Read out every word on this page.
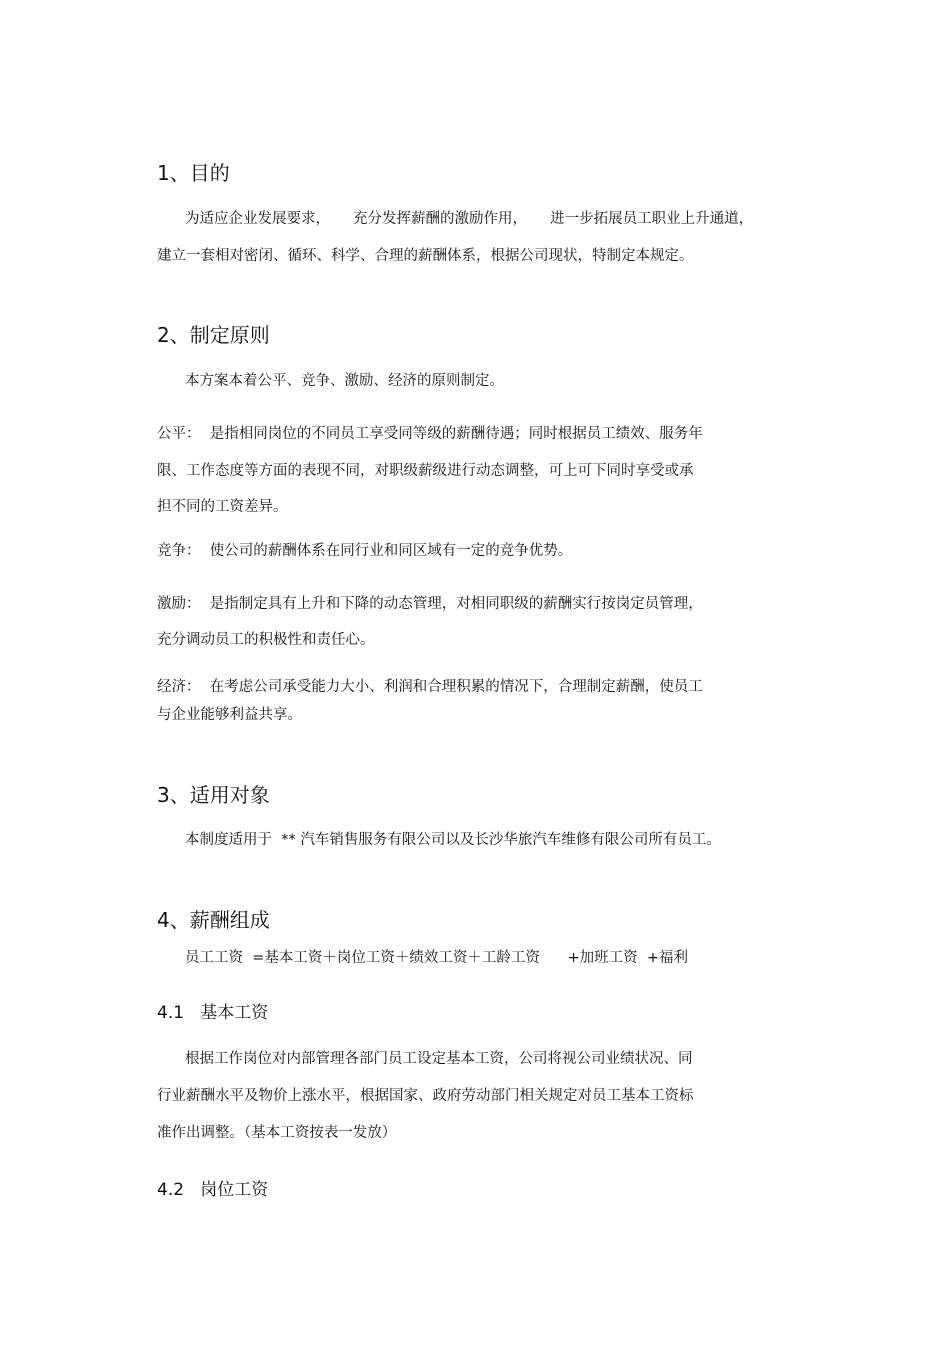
1、目的
为适应企业发展要求，     充分发挥薪酬的激励作用，     进一步拓展员工职业上升通道，
建立一套相对密闭、循环、科学、合理的薪酬体系，根据公司现状，特制定本规定。
2、制定原则
本方案本着公平、竞争、激励、经济的原则制定。
公平：  是指相同岗位的不同员工享受同等级的薪酬待遇；同时根据员工绩效、服务年
限、工作态度等方面的表现不同，对职级薪级进行动态调整，可上可下同时享受或承
担不同的工资差异。
竞争：  使公司的薪酬体系在同行业和同区域有一定的竞争优势。
激励：  是指制定具有上升和下降的动态管理，对相同职级的薪酬实行按岗定员管理，
充分调动员工的积极性和责任心。
经济：  在考虑公司承受能力大小、利润和合理积累的情况下，合理制定薪酬，使员工
与企业能够利益共享。
3、适用对象
本制度适用于  ** 汽车销售服务有限公司以及长沙华旅汽车维修有限公司所有员工。
4、薪酬组成
员工工资  =基本工资＋岗位工资＋绩效工资＋工龄工资      +加班工资  +福利
4.1   基本工资
根据工作岗位对内部管理各部门员工设定基本工资，公司将视公司业绩状况、同
行业薪酬水平及物价上涨水平，根据国家、政府劳动部门相关规定对员工基本工资标
准作出调整。（基本工资按表一发放）
4.2   岗位工资
